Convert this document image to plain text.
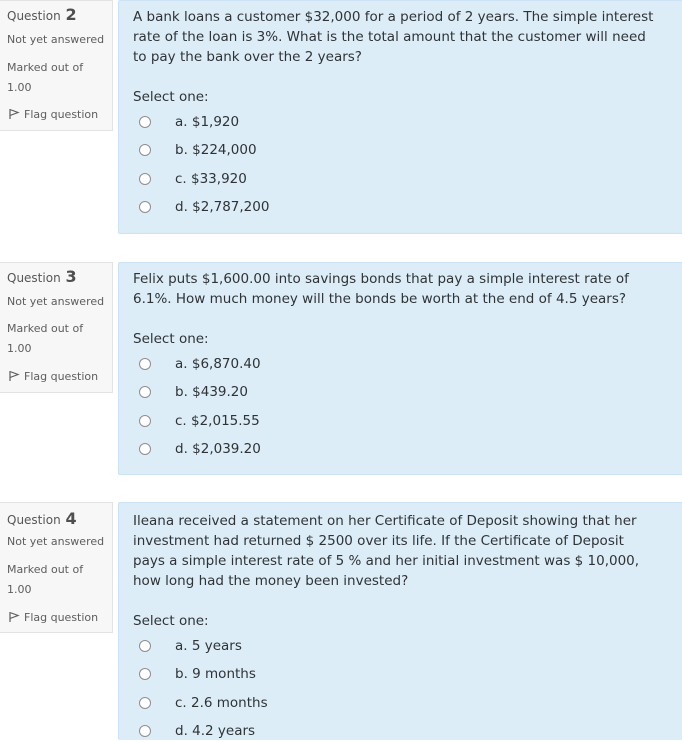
Question 2
Not yet answered
Marked out of
1.00
Flag question
A bank loans a customer $32,000 for a period of 2 years. The simple interest rate of the loan is 3%. What is the total amount that the customer will need to pay the bank over the 2 years?
Select one:
a. $1,920
b. $224,000
c. $33,920
d. $2,787,200
Question 3
Not yet answered
Marked out of
1.00
Flag question
Felix puts $1,600.00 into savings bonds that pay a simple interest rate of 6.1%. How much money will the bonds be worth at the end of 4.5 years?
Select one:
a. $6,870.40
b. $439.20
c. $2,015.55
d. $2,039.20
Question 4
Not yet answered
Marked out of
1.00
Flag question
Ileana received a statement on her Certificate of Deposit showing that her investment had returned $ 2500 over its life. If the Certificate of Deposit pays a simple interest rate of 5 % and her initial investment was $ 10,000, how long had the money been invested?
Select one:
a. 5 years
b. 9 months
c. 2.6 months
d. 4.2 years
